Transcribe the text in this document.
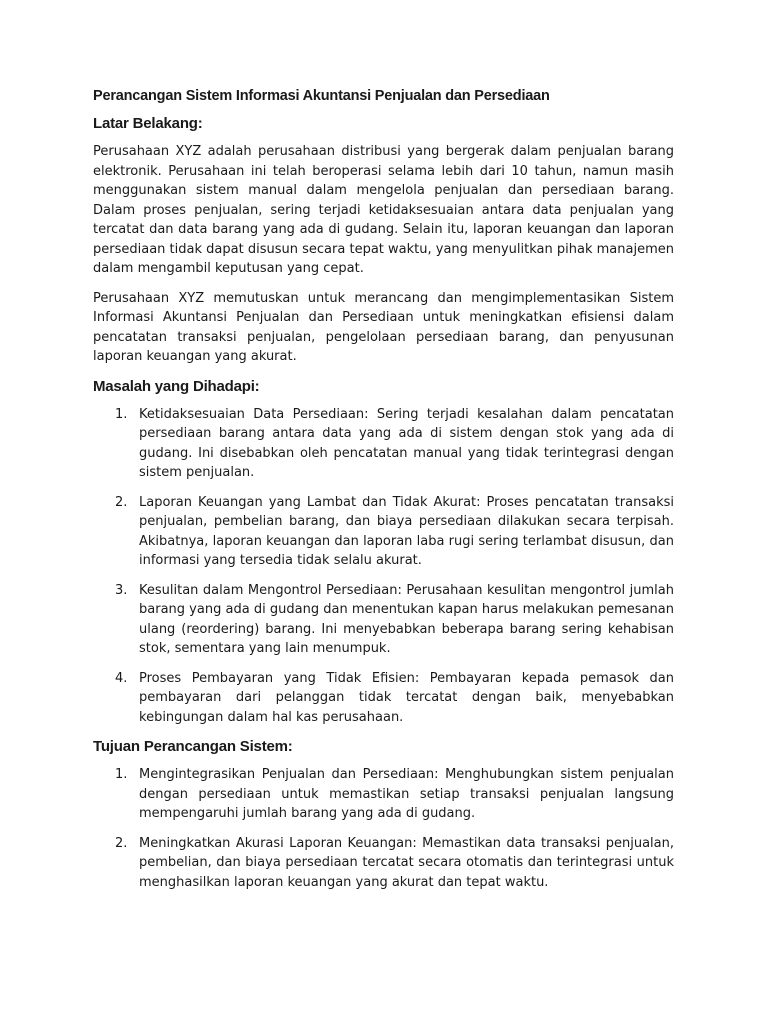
Perancangan Sistem Informasi Akuntansi Penjualan dan Persediaan
Latar Belakang:

Perusahaan XYZ adalah perusahaan distribusi yang bergerak dalam penjualan barang elektronik. Perusahaan ini telah beroperasi selama lebih dari 10 tahun, namun masih menggunakan sistem manual dalam mengelola penjualan dan persediaan barang. Dalam proses penjualan, sering terjadi ketidaksesuaian antara data penjualan yang tercatat dan data barang yang ada di gudang. Selain itu, laporan keuangan dan laporan persediaan tidak dapat disusun secara tepat waktu, yang menyulitkan pihak manajemen dalam mengambil keputusan yang cepat.

Perusahaan XYZ memutuskan untuk merancang dan mengimplementasikan Sistem Informasi Akuntansi Penjualan dan Persediaan untuk meningkatkan efisiensi dalam pencatatan transaksi penjualan, pengelolaan persediaan barang, dan penyusunan laporan keuangan yang akurat.

Masalah yang Dihadapi:
1. Ketidaksesuaian Data Persediaan: Sering terjadi kesalahan dalam pencatatan persediaan barang antara data yang ada di sistem dengan stok yang ada di gudang. Ini disebabkan oleh pencatatan manual yang tidak terintegrasi dengan sistem penjualan.
2. Laporan Keuangan yang Lambat dan Tidak Akurat: Proses pencatatan transaksi penjualan, pembelian barang, dan biaya persediaan dilakukan secara terpisah. Akibatnya, laporan keuangan dan laporan laba rugi sering terlambat disusun, dan informasi yang tersedia tidak selalu akurat.
3. Kesulitan dalam Mengontrol Persediaan: Perusahaan kesulitan mengontrol jumlah barang yang ada di gudang dan menentukan kapan harus melakukan pemesanan ulang (reordering) barang. Ini menyebabkan beberapa barang sering kehabisan stok, sementara yang lain menumpuk.
4. Proses Pembayaran yang Tidak Efisien: Pembayaran kepada pemasok dan pembayaran dari pelanggan tidak tercatat dengan baik, menyebabkan kebingungan dalam hal kas perusahaan.
Tujuan Perancangan Sistem:
1. Mengintegrasikan Penjualan dan Persediaan: Menghubungkan sistem penjualan dengan persediaan untuk memastikan setiap transaksi penjualan langsung mempengaruhi jumlah barang yang ada di gudang.
2. Meningkatkan Akurasi Laporan Keuangan: Memastikan data transaksi penjualan, pembelian, dan biaya persediaan tercatat secara otomatis dan terintegrasi untuk menghasilkan laporan keuangan yang akurat dan tepat waktu.
